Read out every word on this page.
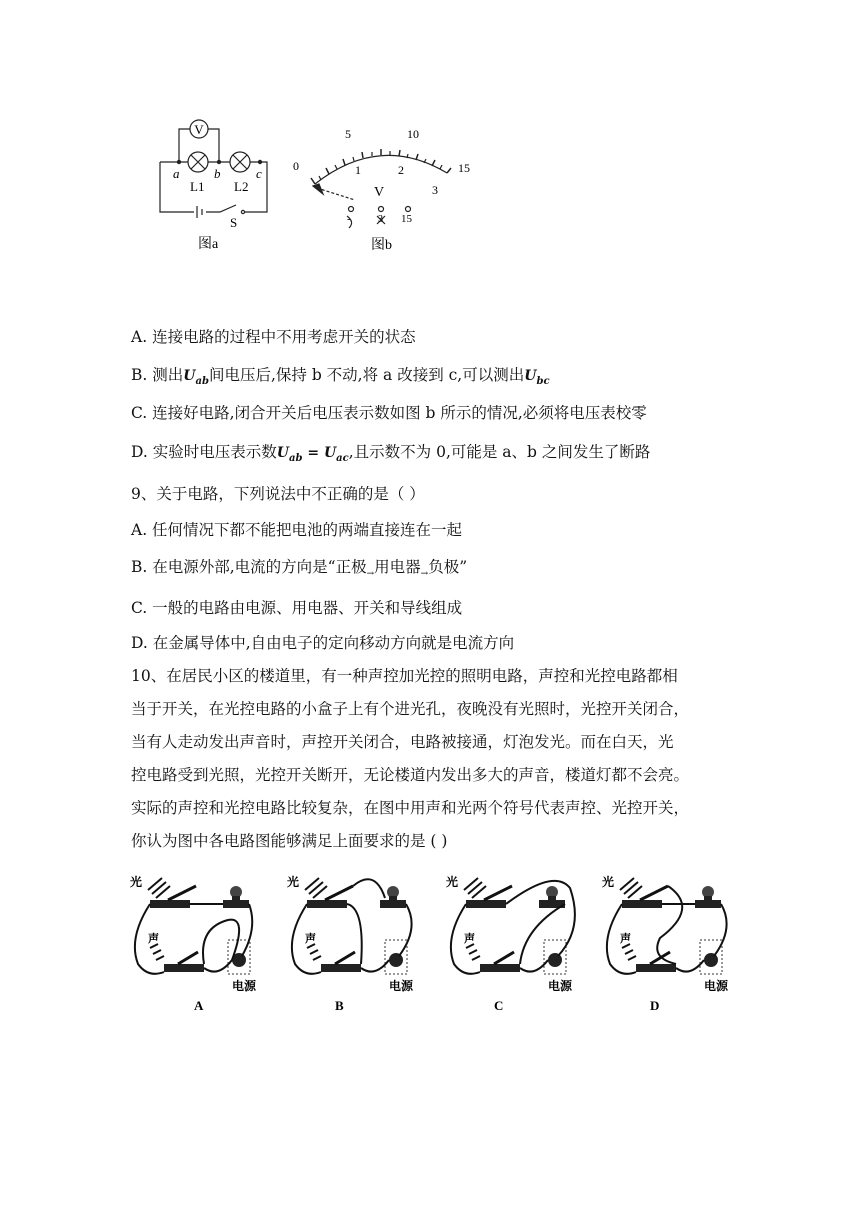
V
a	b	c
L1 L2
S
图a
0
5	10
15
1	2
3
V
-	3 15
图b
A. 连接电路的过程中不用考虑开关的状态
B. 测出$U_{ab}$间电压后,保持 b 不动,将 a 改接到 c,可以测出$U_{bc}$
C. 连接好电路,闭合开关后电压表示数如图 b 所示的情况,必须将电压表校零
D. 实验时电压表示数$U_{ab} = U_{ac}$,且示数不为 0,可能是 a、b 之间发生了断路
9、关于电路，下列说法中不正确的是（ ）
A. 任何情况下都不能把电池的两端直接连在一起
B. 在电源外部,电流的方向是“正极$_\to$用电器$_\to$负极”
C. 一般的电路由电源、用电器、开关和导线组成
D. 在金属导体中,自由电子的定向移动方向就是电流方向
10、在居民小区的楼道里，有一种声控加光控的照明电路，声控和光控电路都相
当于开关，在光控电路的小盒子上有个进光孔，夜晚没有光照时，光控开关闭合，
当有人走动发出声音时，声控开关闭合，电路被接通，灯泡发光。而在白天，光
控电路受到光照，光控开关断开，无论楼道内发出多大的声音，楼道灯都不会亮。
实际的声控和光控电路比较复杂，在图中用声和光两个符号代表声控、光控开关，
你认为图中各电路图能够满足上面要求的是 ( )
光
声
电源
A
光
声
电源
B
光
声
电源
C
光
声
电源
D
